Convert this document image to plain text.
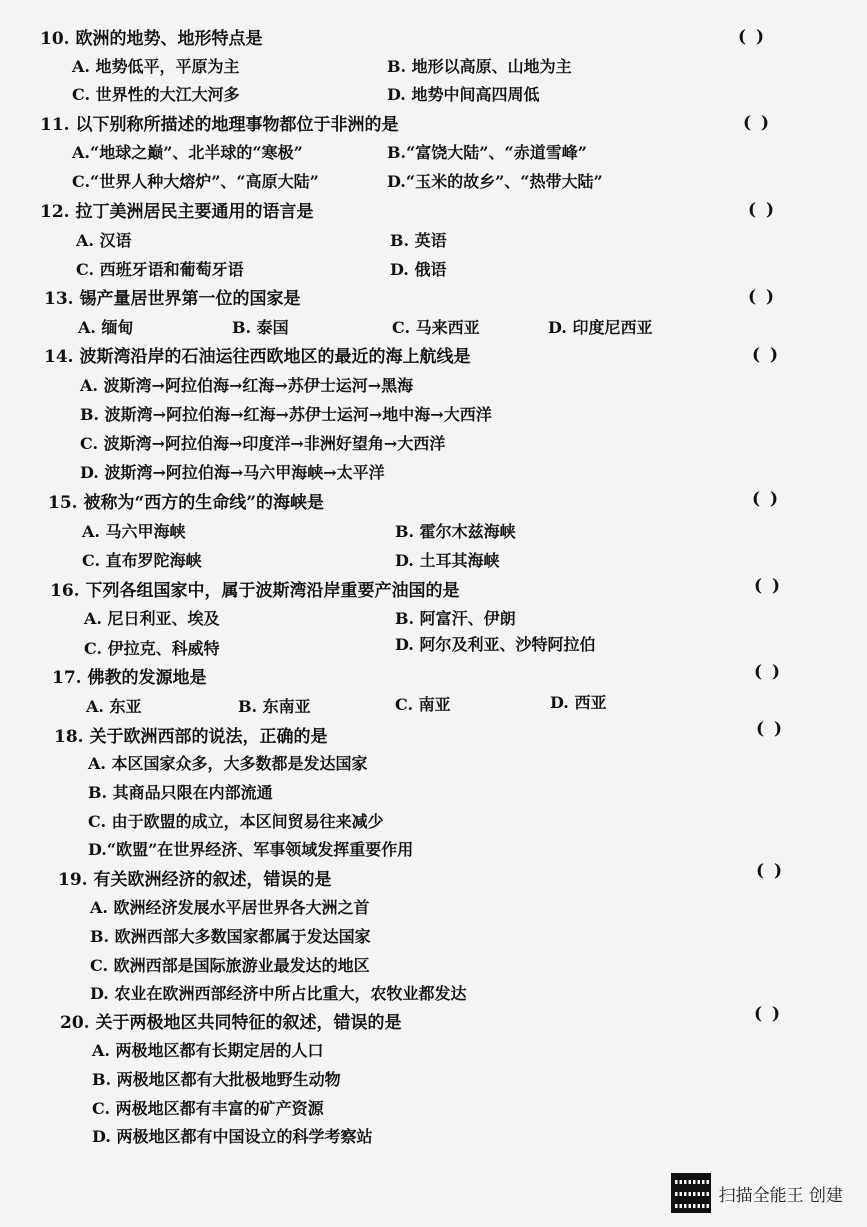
10. 欧洲的地势、地形特点是	()
A. 地势低平，平原为主	B. 地形以高原、山地为主
C. 世界性的大江大河多	D. 地势中间高四周低
11. 以下别称所描述的地理事物都位于非洲的是	()
A.“地球之巅”、北半球的“寒极”	B.“富饶大陆”、“赤道雪峰”
C.“世界人种大熔炉”、“高原大陆”	D.“玉米的故乡”、“热带大陆”
12. 拉丁美洲居民主要通用的语言是	()
A. 汉语	B. 英语
C. 西班牙语和葡萄牙语	D. 俄语
13. 锡产量居世界第一位的国家是	()
A. 缅甸	B. 泰国	C. 马来西亚	D. 印度尼西亚
14. 波斯湾沿岸的石油运往西欧地区的最近的海上航线是	()
A. 波斯湾→阿拉伯海→红海→苏伊士运河→黑海
B. 波斯湾→阿拉伯海→红海→苏伊士运河→地中海→大西洋
C. 波斯湾→阿拉伯海→印度洋→非洲好望角→大西洋
D. 波斯湾→阿拉伯海→马六甲海峡→太平洋
15. 被称为“西方的生命线”的海峡是	()
A. 马六甲海峡	B. 霍尔木兹海峡
C. 直布罗陀海峡	D. 土耳其海峡
16. 下列各组国家中，属于波斯湾沿岸重要产油国的是	()
A. 尼日利亚、埃及	B. 阿富汗、伊朗
C. 伊拉克、科威特	D. 阿尔及利亚、沙特阿拉伯
17. 佛教的发源地是	()
A. 东亚	B. 东南亚	C. 南亚	D. 西亚
18. 关于欧洲西部的说法，正确的是	()
A. 本区国家众多，大多数都是发达国家
B. 其商品只限在内部流通
C. 由于欧盟的成立，本区间贸易往来减少
D.“欧盟”在世界经济、军事领域发挥重要作用
19. 有关欧洲经济的叙述，错误的是	()
A. 欧洲经济发展水平居世界各大洲之首
B. 欧洲西部大多数国家都属于发达国家
C. 欧洲西部是国际旅游业最发达的地区
D. 农业在欧洲西部经济中所占比重大，农牧业都发达
20. 关于两极地区共同特征的叙述，错误的是	()
A. 两极地区都有长期定居的人口
B. 两极地区都有大批极地野生动物
C. 两极地区都有丰富的矿产资源
D. 两极地区都有中国设立的科学考察站
扫描全能王 创建
